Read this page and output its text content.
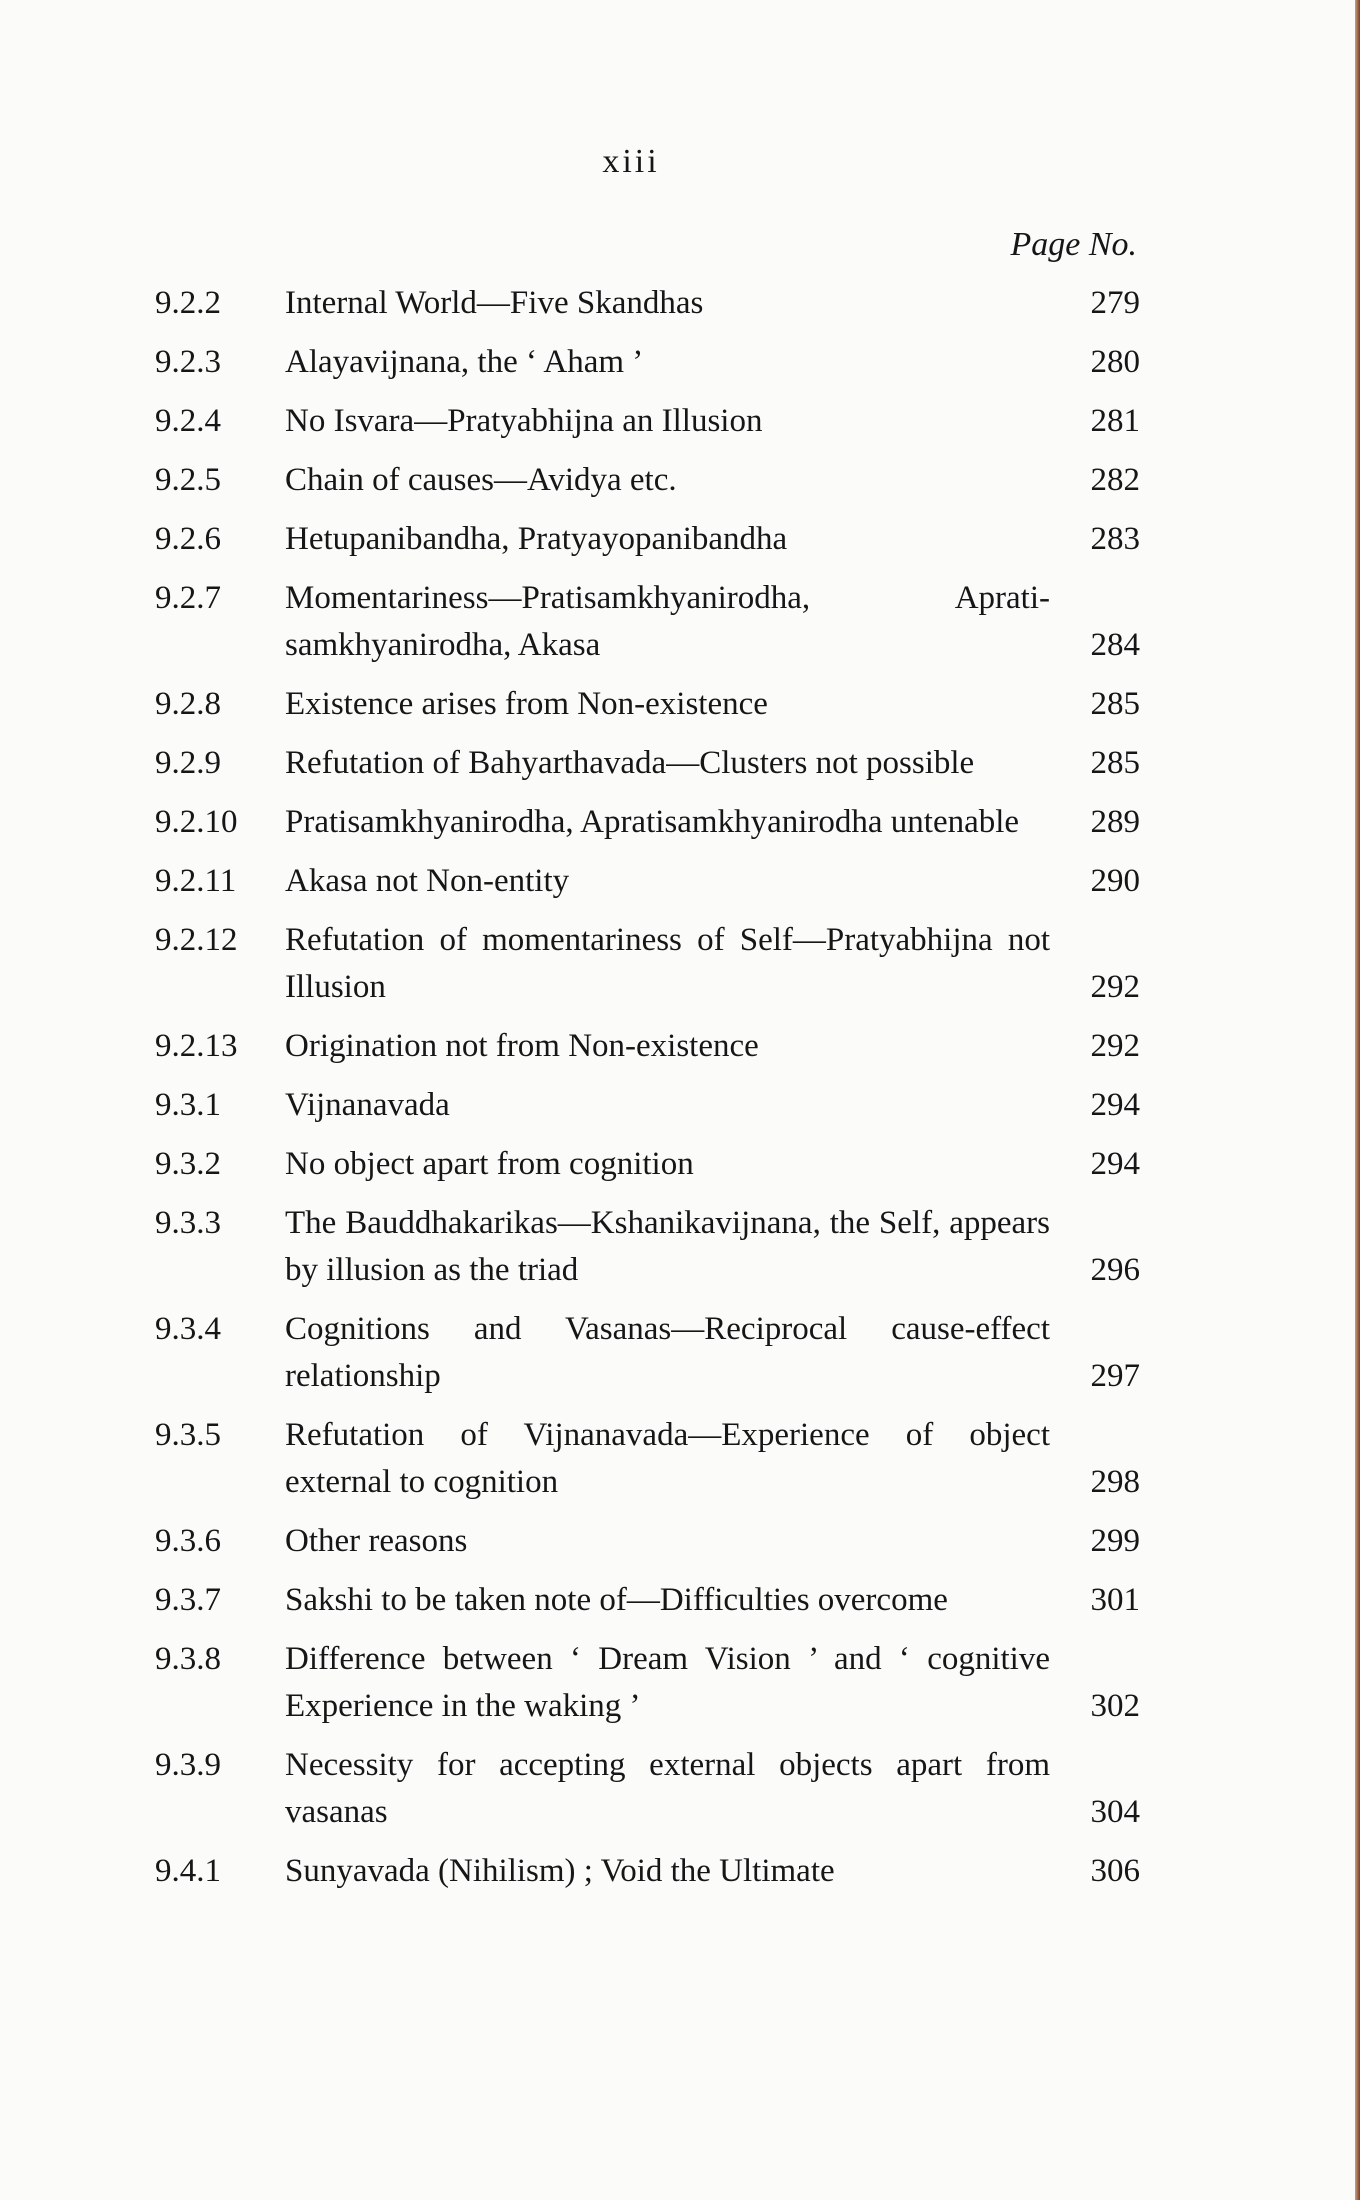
xiii
Page No.
9.2.2	Internal World—Five Skandhas	279
9.2.3	Alayavijnana, the ‘ Aham ’	280
9.2.4	No Isvara—Pratyabhijna an Illusion	281
9.2.5	Chain of causes—Avidya etc.	282
9.2.6	Hetupanibandha, Pratyayopanibandha	283
9.2.7	Momentariness—Pratisamkhyanirodha, Aprati-samkhyanirodha, Akasa	284
9.2.8	Existence arises from Non-existence	285
9.2.9	Refutation of Bahyarthavada—Clusters not possible	285
9.2.10	Pratisamkhyanirodha, Apratisamkhyanirodha untenable	289
9.2.11	Akasa not Non-entity	290
9.2.12	Refutation of momentariness of Self—Pratyabhijna not Illusion	292
9.2.13	Origination not from Non-existence	292
9.3.1	Vijnanavada	294
9.3.2	No object apart from cognition	294
9.3.3	The Bauddhakarikas—Kshanikavijnana, the Self, appears by illusion as the triad	296
9.3.4	Cognitions and Vasanas—Reciprocal cause-effect relationship	297
9.3.5	Refutation of Vijnanavada—Experience of object external to cognition	298
9.3.6	Other reasons	299
9.3.7	Sakshi to be taken note of—Difficulties overcome	301
9.3.8	Difference between ‘ Dream Vision ’ and ‘ cognitive Experience in the waking ’	302
9.3.9	Necessity for accepting external objects apart from vasanas	304
9.4.1	Sunyavada (Nihilism) ; Void the Ultimate	306
